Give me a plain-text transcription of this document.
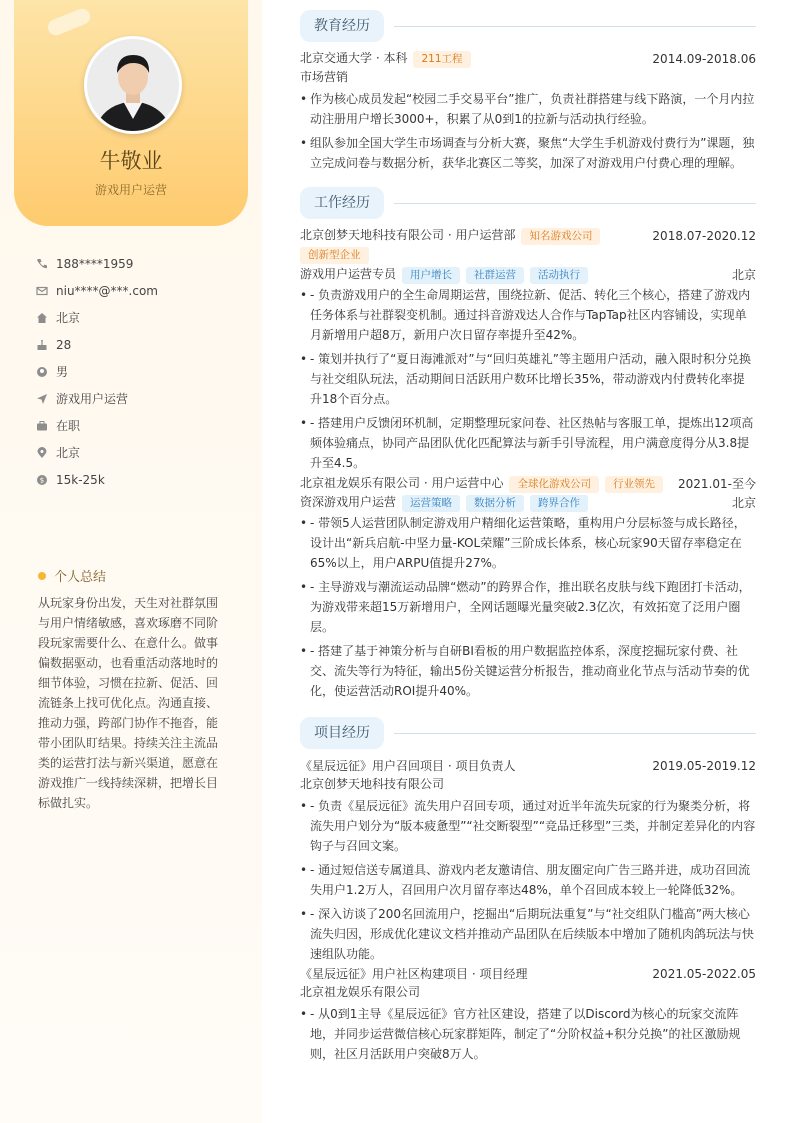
牛敬业
游戏用户运营
188****1959
niu****@***.com
北京
28
男
游戏用户运营
在职
北京
$ 15k-25k
个人总结
从玩家身份出发，天生对社群氛围与用户情绪敏感，喜欢琢磨不同阶段玩家需要什么、在意什么。做事偏数据驱动，也看重活动落地时的细节体验，习惯在拉新、促活、回流链条上找可优化点。沟通直接、推动力强，跨部门协作不拖沓，能带小团队盯结果。持续关注主流品类的运营打法与新兴渠道，愿意在游戏推广一线持续深耕，把增长目标做扎实。
教育经历
北京交通大学 · 本科 211工程	2014.09-2018.06
市场营销
• 作为核心成员发起“校园二手交易平台”推广，负责社群搭建与线下路演，一个月内拉动注册用户增长3000+，积累了从0到1的拉新与活动执行经验。
• 组队参加全国大学生市场调查与分析大赛，聚焦“大学生手机游戏付费行为”课题，独立完成问卷与数据分析，获华北赛区二等奖，加深了对游戏用户付费心理的理解。
工作经历
北京创梦天地科技有限公司 · 用户运营部 知名游戏公司	2018.07-2020.12
创新型企业
游戏用户运营专员 用户增长 社群运营 活动执行	北京
• - 负责游戏用户的全生命周期运营，围绕拉新、促活、转化三个核心，搭建了游戏内任务体系与社群裂变机制。通过抖音游戏达人合作与TapTap社区内容铺设，实现单月新增用户超8万，新用户次日留存率提升至42%。
• - 策划并执行了“夏日海滩派对”与“回归英雄礼”等主题用户活动，融入限时积分兑换与社交组队玩法，活动期间日活跃用户数环比增长35%，带动游戏内付费转化率提升18个百分点。
• - 搭建用户反馈闭环机制，定期整理玩家问卷、社区热帖与客服工单，提炼出12项高频体验痛点，协同产品团队优化匹配算法与新手引导流程，用户满意度得分从3.8提升至4.5。
北京祖龙娱乐有限公司 · 用户运营中心 全球化游戏公司 行业领先	2021.01-至今
资深游戏用户运营 运营策略 数据分析 跨界合作	北京
• - 带领5人运营团队制定游戏用户精细化运营策略，重构用户分层标签与成长路径，设计出“新兵启航-中坚力量-KOL荣耀”三阶成长体系，核心玩家90天留存率稳定在65%以上，用户ARPU值提升27%。
• - 主导游戏与潮流运动品牌“燃动”的跨界合作，推出联名皮肤与线下跑团打卡活动，为游戏带来超15万新增用户，全网话题曝光量突破2.3亿次，有效拓宽了泛用户圈层。
• - 搭建了基于神策分析与自研BI看板的用户数据监控体系，深度挖掘玩家付费、社交、流失等行为特征，输出5份关键运营分析报告，推动商业化节点与活动节奏的优化，使运营活动ROI提升40%。
项目经历
《星辰远征》用户召回项目 · 项目负责人	2019.05-2019.12
北京创梦天地科技有限公司
• - 负责《星辰远征》流失用户召回专项，通过对近半年流失玩家的行为聚类分析，将流失用户划分为“版本疲惫型”“社交断裂型”“竞品迁移型”三类，并制定差异化的内容钩子与召回文案。
• - 通过短信送专属道具、游戏内老友邀请信、朋友圈定向广告三路并进，成功召回流失用户1.2万人，召回用户次月留存率达48%，单个召回成本较上一轮降低32%。
• - 深入访谈了200名回流用户，挖掘出“后期玩法重复”与“社交组队门槛高”两大核心流失归因，形成优化建议文档并推动产品团队在后续版本中增加了随机肉鸽玩法与快速组队功能。
《星辰远征》用户社区构建项目 · 项目经理	2021.05-2022.05
北京祖龙娱乐有限公司
• - 从0到1主导《星辰远征》官方社区建设，搭建了以Discord为核心的玩家交流阵地，并同步运营微信核心玩家群矩阵，制定了“分阶权益+积分兑换”的社区激励规则，社区月活跃用户突破8万人。
